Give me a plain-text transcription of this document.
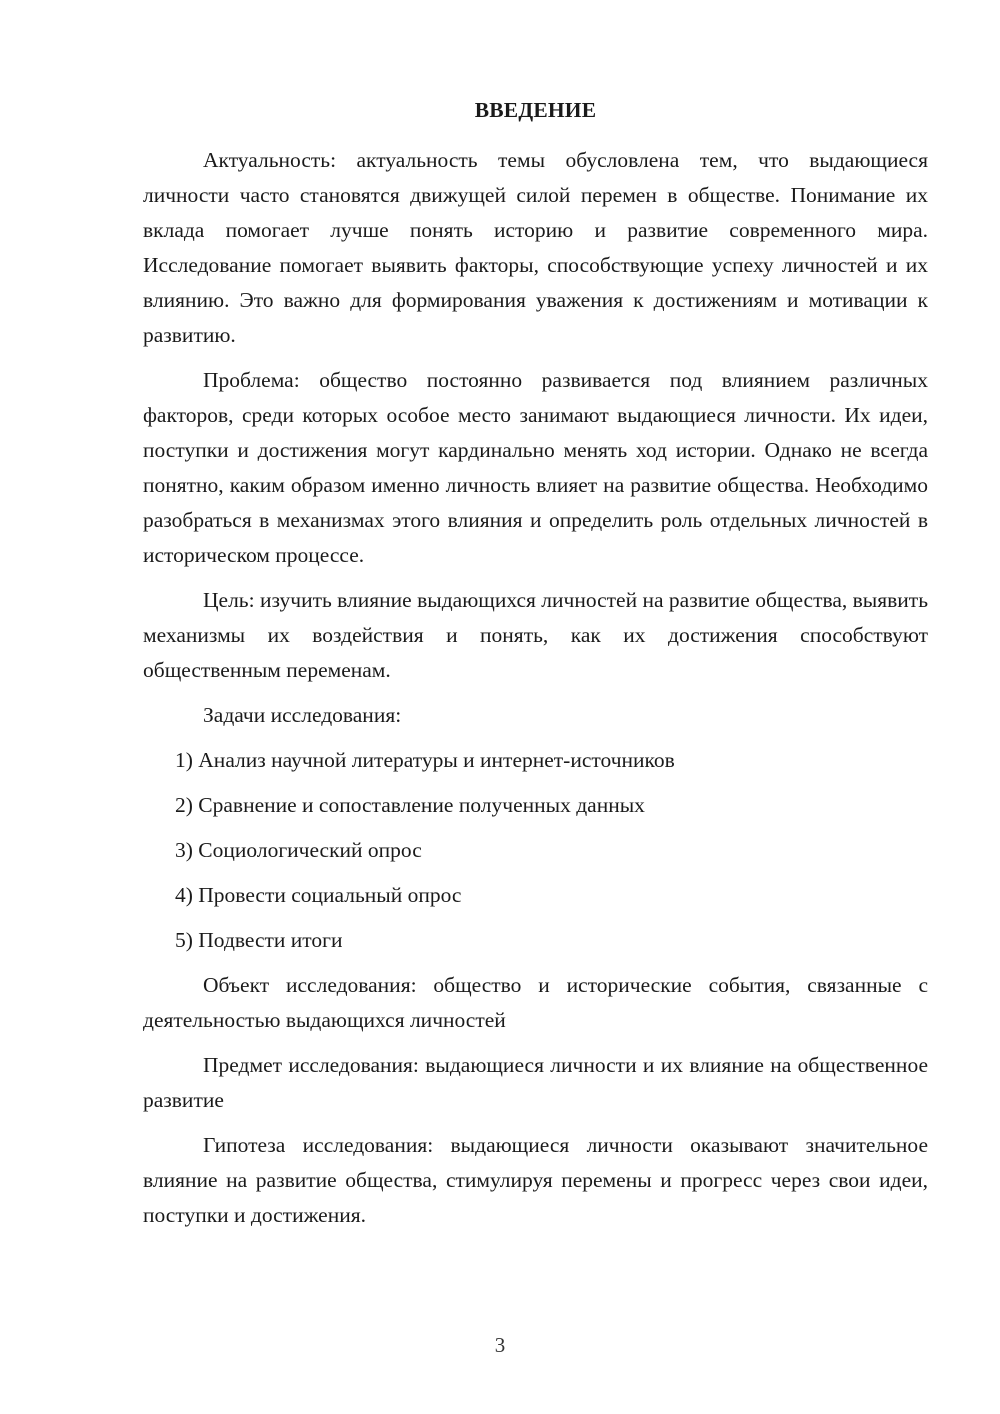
ВВЕДЕНИЕ

Актуальность: актуальность темы обусловлена тем, что выдающиеся личности часто становятся движущей силой перемен в обществе. Понимание их вклада помогает лучше понять историю и развитие современного мира. Исследование помогает выявить факторы, способствующие успеху личностей и их влиянию. Это важно для формирования уважения к достижениям и мотивации к развитию.

Проблема: общество постоянно развивается под влиянием различных факторов, среди которых особое место занимают выдающиеся личности. Их идеи, поступки и достижения могут кардинально менять ход истории. Однако не всегда понятно, каким образом именно личность влияет на развитие общества. Необходимо разобраться в механизмах этого влияния и определить роль отдельных личностей в историческом процессе.

Цель: изучить влияние выдающихся личностей на развитие общества, выявить механизмы их воздействия и понять, как их достижения способствуют общественным переменам.

Задачи исследования:
1) Анализ научной литературы и интернет-источников
2) Сравнение и сопоставление полученных данных
3) Социологический опрос
4) Провести социальный опрос
5) Подвести итоги

Объект исследования: общество и исторические события, связанные с деятельностью выдающихся личностей

Предмет исследования: выдающиеся личности и их влияние на общественное развитие

Гипотеза исследования: выдающиеся личности оказывают значительное влияние на развитие общества, стимулируя перемены и прогресс через свои идеи, поступки и достижения.

3
